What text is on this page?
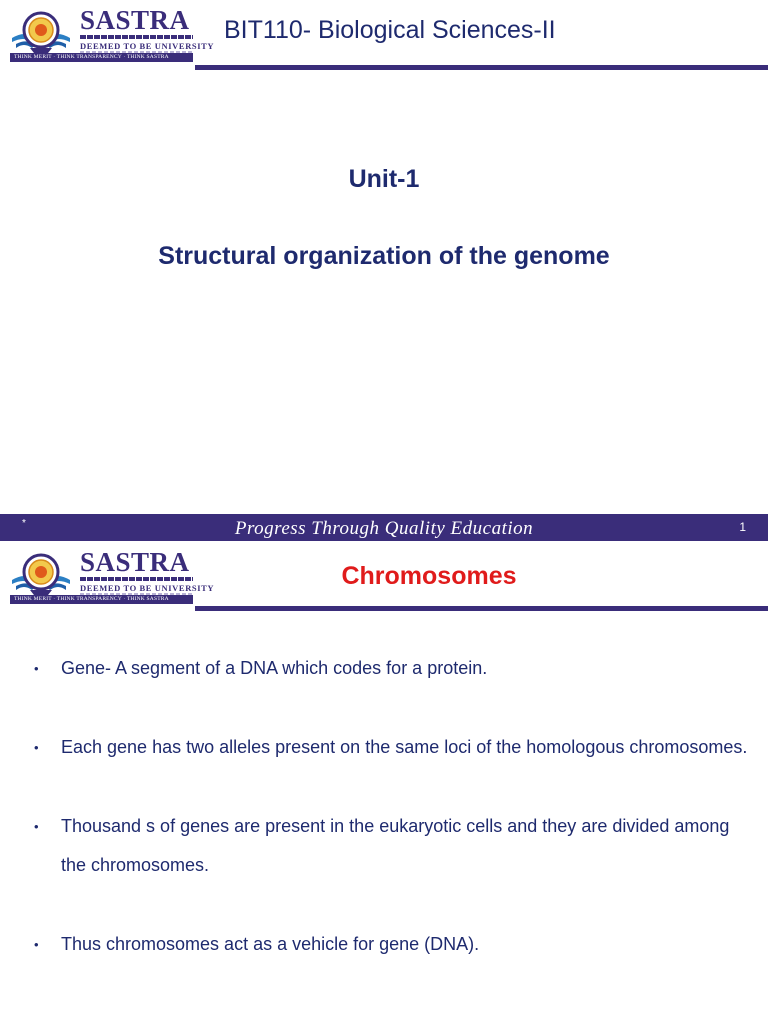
SASTRA
DEEMED TO BE UNIVERSITY
THINK MERIT · THINK TRANSPARENCY · THINK SASTRA
BIT110- Biological Sciences-II
Unit-1
Structural organization of the genome
*	Progress Through Quality Education	1
SASTRA
DEEMED TO BE UNIVERSITY
THINK MERIT · THINK TRANSPARENCY · THINK SASTRA
Chromosomes
• Gene- A segment of a DNA which codes for a protein.
• Each gene has two alleles present on the same loci of the homologous chromosomes.
• Thousand s of genes are present in the eukaryotic cells and they are divided among the chromosomes.
• Thus chromosomes act as a vehicle for gene (DNA).
